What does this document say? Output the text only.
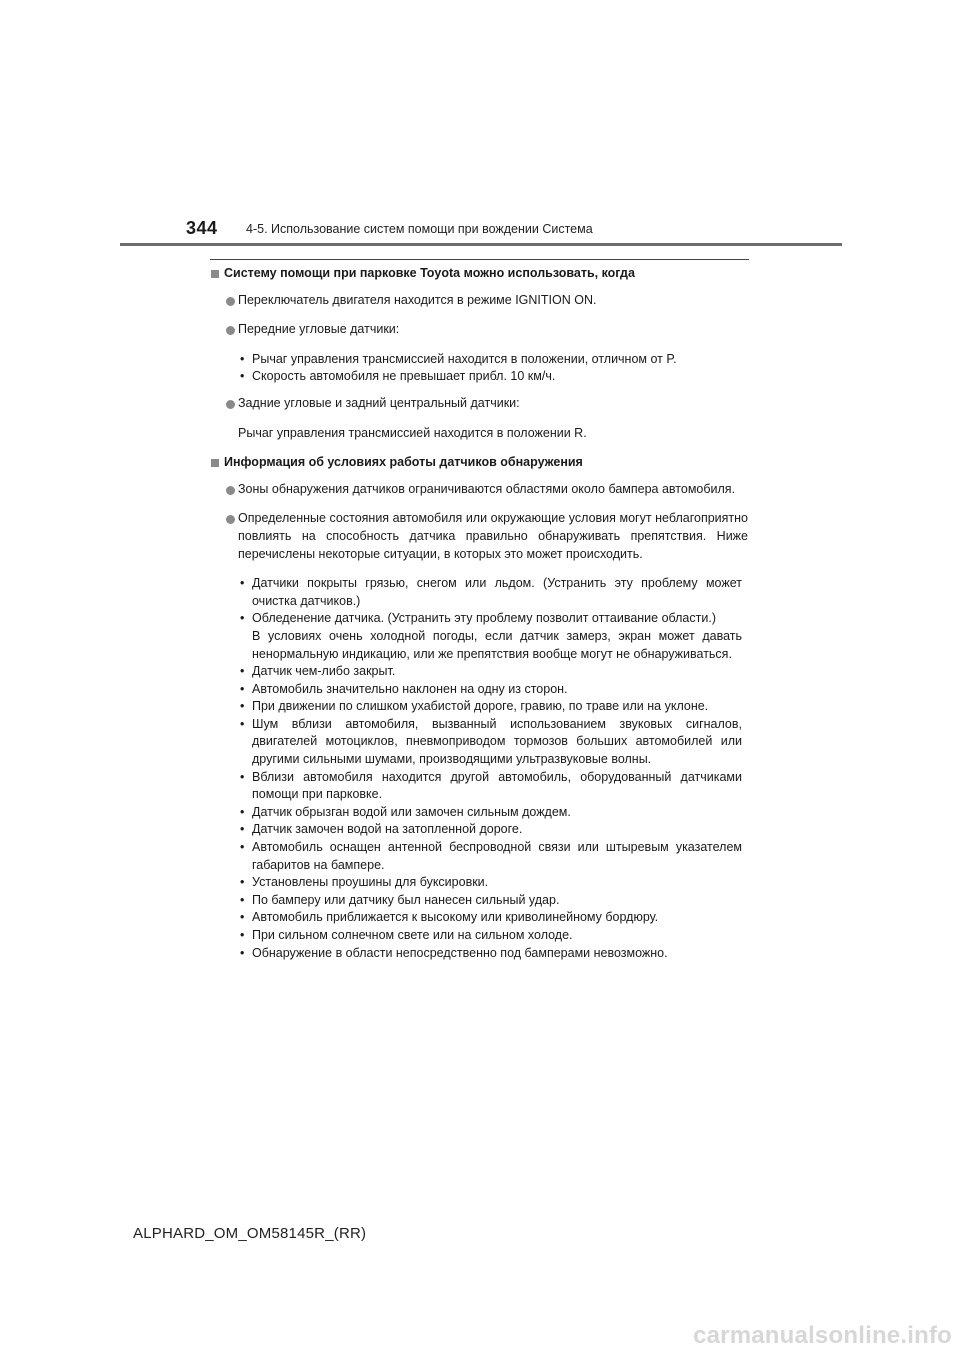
344 4-5. Использование систем помощи при вождении Система

Систему помощи при парковке Toyota можно использовать, когда

Переключатель двигателя находится в режиме IGNITION ON.

Передние угловые датчики:

• Рычаг управления трансмиссией находится в положении, отличном от P.

• Скорость автомобиля не превышает прибл. 10 км/ч.

Задние угловые и задний центральный датчики:

Рычаг управления трансмиссией находится в положении R.

Информация об условиях работы датчиков обнаружения

Зоны обнаружения датчиков ограничиваются областями около бампера автомобиля.

Определенные состояния автомобиля или окружающие условия могут неблагоприятно повлиять на способность датчика правильно обнаруживать препятствия. Ниже перечислены некоторые ситуации, в которых это может происходить.

• Датчики покрыты грязью, снегом или льдом. (Устранить эту проблему может очистка датчиков.)

• Обледенение датчика. (Устранить эту проблему позволит оттаивание области.)
В условиях очень холодной погоды, если датчик замерз, экран может давать ненормальную индикацию, или же препятствия вообще могут не обнаруживаться.

• Датчик чем-либо закрыт.

• Автомобиль значительно наклонен на одну из сторон.

• При движении по слишком ухабистой дороге, гравию, по траве или на уклоне.

• Шум вблизи автомобиля, вызванный использованием звуковых сигналов, двигателей мотоциклов, пневмоприводом тормозов больших автомобилей или другими сильными шумами, производящими ультразвуковые волны.

• Вблизи автомобиля находится другой автомобиль, оборудованный датчиками помощи при парковке.

• Датчик обрызган водой или замочен сильным дождем.

• Датчик замочен водой на затопленной дороге.

• Автомобиль оснащен антенной беспроводной связи или штыревым указателем габаритов на бампере.

• Установлены проушины для буксировки.

• По бамперу или датчику был нанесен сильный удар.

• Автомобиль приближается к высокому или криволинейному бордюру.

• При сильном солнечном свете или на сильном холоде.

• Обнаружение в области непосредственно под бамперами невозможно.

ALPHARD_OM_OM58145R_(RR)
carmanualsonline.info
